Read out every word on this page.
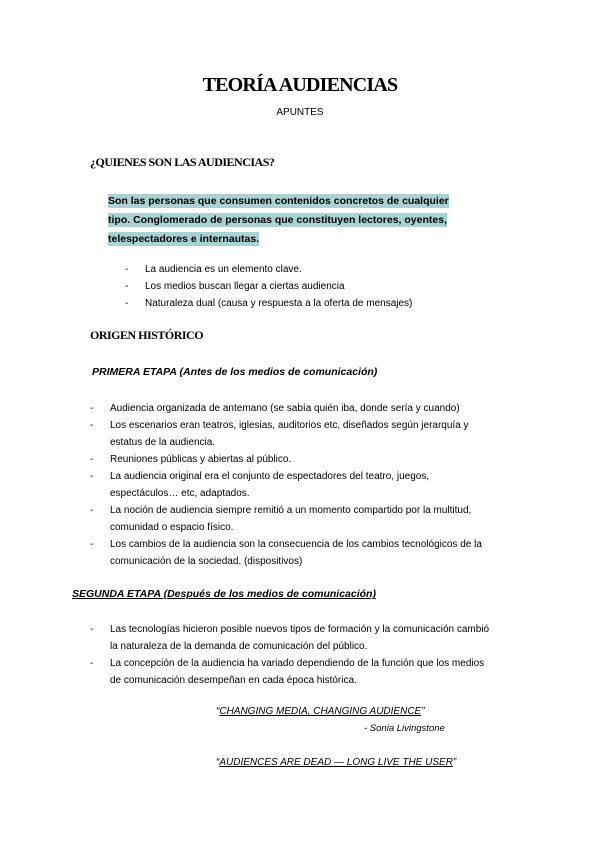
TEORÍA AUDIENCIAS

APUNTES

¿QUIENES SON LAS AUDIENCIAS?
Son las personas que consumen contenidos concretos de cualquier
tipo. Conglomerado de personas que constituyen lectores, oyentes,
telespectadores e internautas.
- La audiencia es un elemento clave.
- Los medios buscan llegar a ciertas audiencia
- Naturaleza dual (causa y respuesta a la oferta de mensajes)
ORIGEN HISTÓRICO

PRIMERA ETAPA (Antes de los medios de comunicación)

- Audiencia organizada de antemano (se sabía quién iba, donde sería y cuando)
- Los escenarios eran teatros, iglesias, auditorios etc, diseñados según jerarquía y
estatus de la audiencia.
- Reuniones públicas y abiertas al público.
- La audiencia original era el conjunto de espectadores del teatro, juegos,
espectáculos… etc, adaptados.
- La noción de audiencia siempre remitió a un momento compartido por la multitud,
comunidad o espacio físico.
- Los cambios de la audiencia son la consecuencia de los cambios tecnológicos de la
comunicación de la sociedad. (dispositivos)

SEGUNDA ETAPA (Después de los medios de comunicación)

- Las tecnologías hicieron posible nuevos tipos de formación y la comunicación cambió
la naturaleza de la demanda de comunicación del público.
- La concepción de la audiencia ha variado dependiendo de la función que los medios
de comunicación desempeñan en cada época histórica.

“CHANGING MEDIA, CHANGING AUDIENCE”

- Sonia Livingstone

“AUDIENCES ARE DEAD — LONG LIVE THE USER”
